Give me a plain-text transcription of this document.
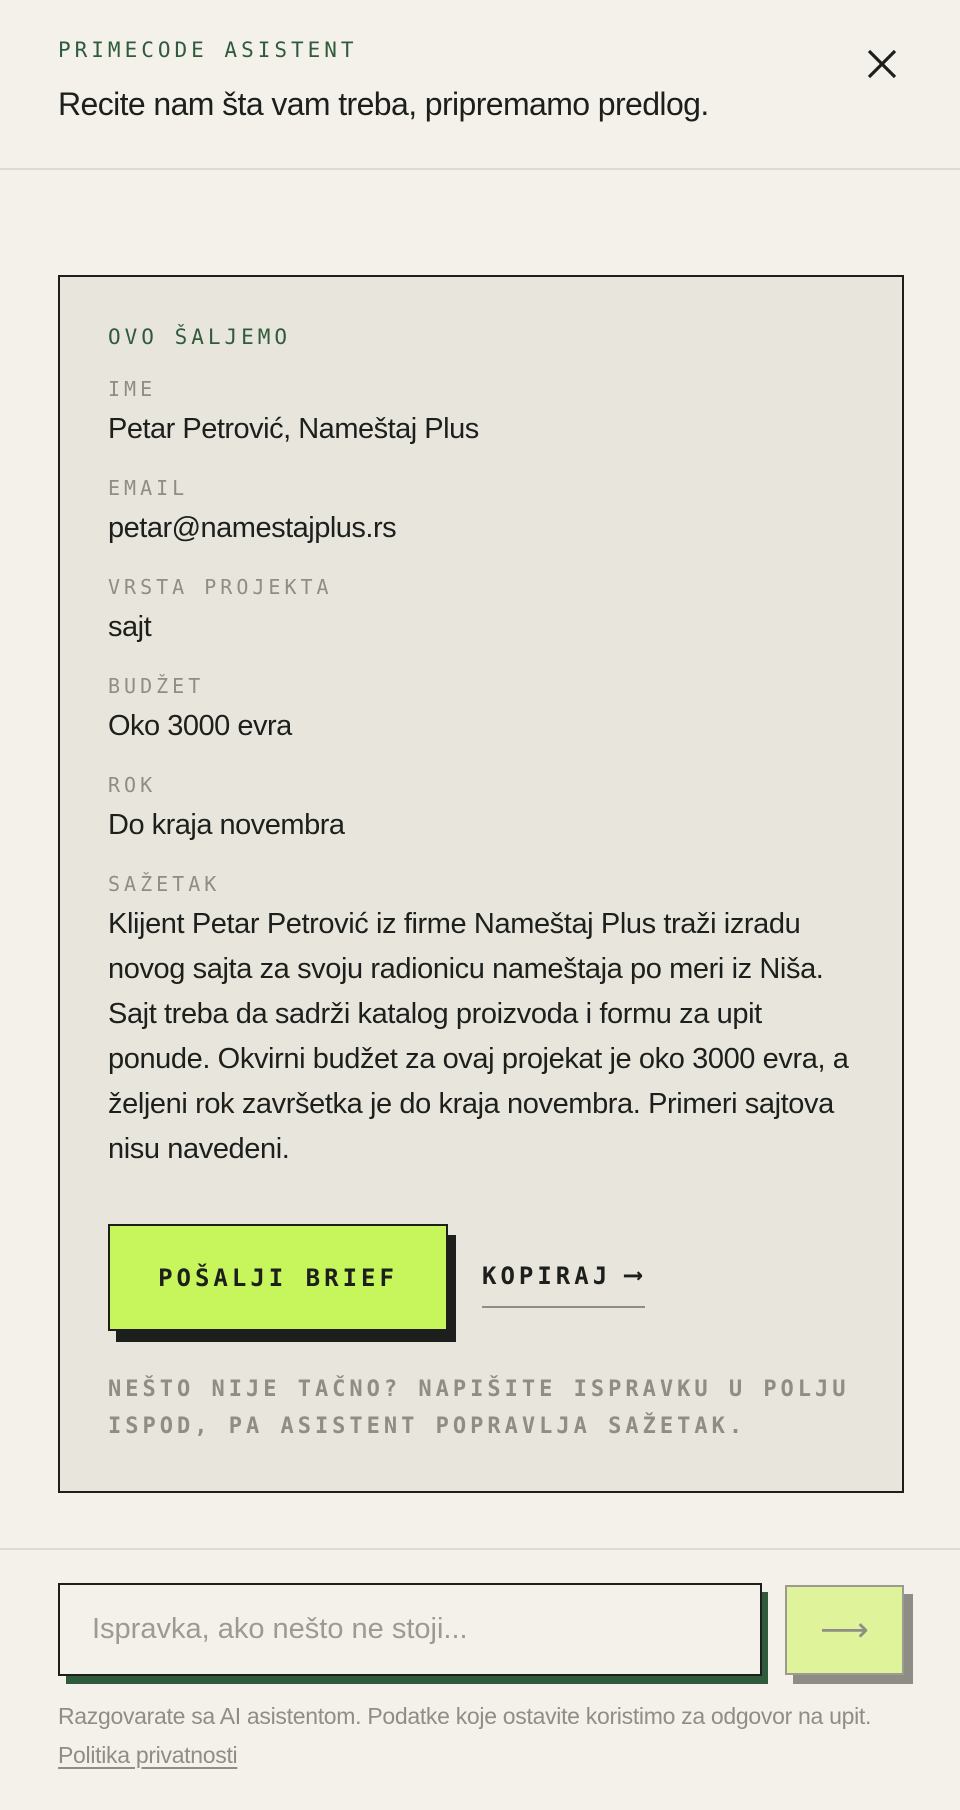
PRIMECODE ASISTENT
Recite nam šta vam treba, pripremamo predlog.
OVO ŠALJEMO
IME
Petar Petrović, Nameštaj Plus
EMAIL
petar@namestajplus.rs
VRSTA PROJEKTA
sajt
BUDŽET
Oko 3000 evra
ROK
Do kraja novembra
SAŽETAK
Klijent Petar Petrović iz firme Nameštaj Plus traži izradu novog sajta za svoju radionicu nameštaja po meri iz Niša. Sajt treba da sadrži katalog proizvoda i formu za upit ponude. Okvirni budžet za ovaj projekat je oko 3000 evra, a željeni rok završetka je do kraja novembra. Primeri sajtova nisu navedeni.
POŠALJI BRIEF	KOPIRAJ ⟶
NEŠTO NIJE TAČNO? NAPIŠITE ISPRAVKU U POLJU ISPOD, PA ASISTENT POPRAVLJA SAŽETAK.
Ispravka, ako nešto ne stoji...
⟶
Razgovarate sa AI asistentom. Podatke koje ostavite koristimo za odgovor na upit.
Politika privatnosti
